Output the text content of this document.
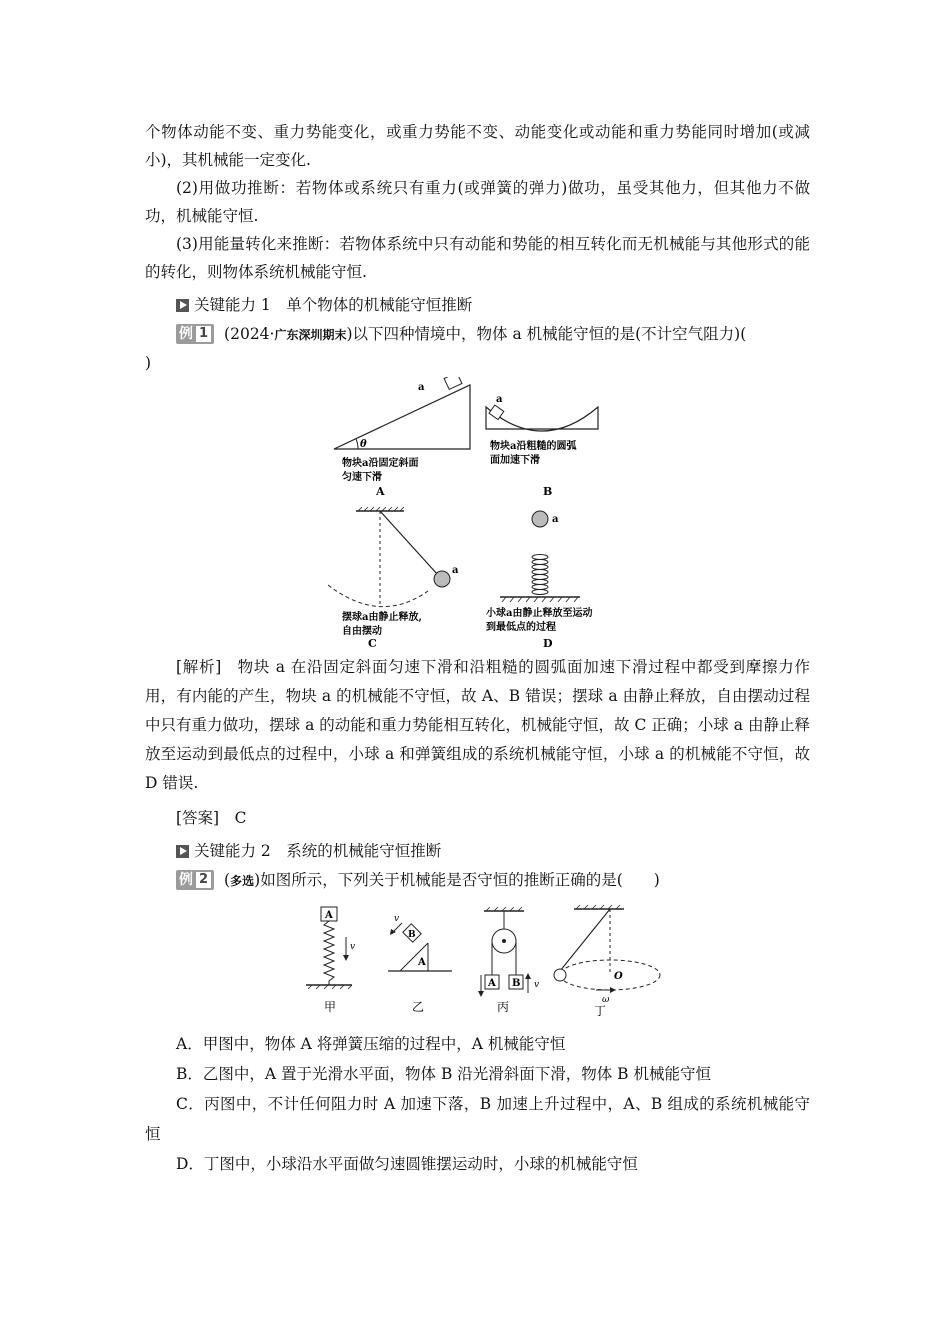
个物体动能不变、重力势能变化，或重力势能不变、动能变化或动能和重力势能同时增加(或减小)，其机械能一定变化.

(2)用做功推断：若物体或系统只有重力(或弹簧的弹力)做功，虽受其他力，但其他力不做功，机械能守恒.

(3)用能量转化来推断：若物体系统中只有动能和势能的相互转化而无机械能与其他形式的能的转化，则物体系统机械能守恒.

关键能力 1　单个物体的机械能守恒推断
例 1 (2024·广东深圳期末)以下四种情境中，物体 a 机械能守恒的是(不计空气阻力)(

)

a
θ
物块a沿固定斜面
匀速下滑
A
a
物块a沿粗糙的圆弧
面加速下滑
B
a
摆球a由静止释放,
自由摆动
C
a
小球a由静止释放至运动
到最低点的过程
D

[解析]  物块 a 在沿固定斜面匀速下滑和沿粗糙的圆弧面加速下滑过程中都受到摩擦力作用，有内能的产生，物块 a 的机械能不守恒，故 A、B 错误；摆球 a 由静止释放，自由摆动过程中只有重力做功，摆球 a 的动能和重力势能相互转化，机械能守恒，故 C 正确；小球 a 由静止释放至运动到最低点的过程中，小球 a 和弹簧组成的系统机械能守恒，小球 a 的机械能不守恒，故 D 错误.

[答案]  C

关键能力 2　系统的机械能守恒推断
例 2 (多选)如图所示，下列关于机械能是否守恒的推断正确的是(　　)
A
v
甲
A
B
v
乙
A B v
丙
O
ω
丁

A．甲图中，物体 A 将弹簧压缩的过程中，A 机械能守恒

B．乙图中，A 置于光滑水平面，物体 B 沿光滑斜面下滑，物体 B 机械能守恒

C．丙图中，不计任何阻力时 A 加速下落，B 加速上升过程中，A、B 组成的系统机械能守恒

D．丁图中，小球沿水平面做匀速圆锥摆运动时，小球的机械能守恒
